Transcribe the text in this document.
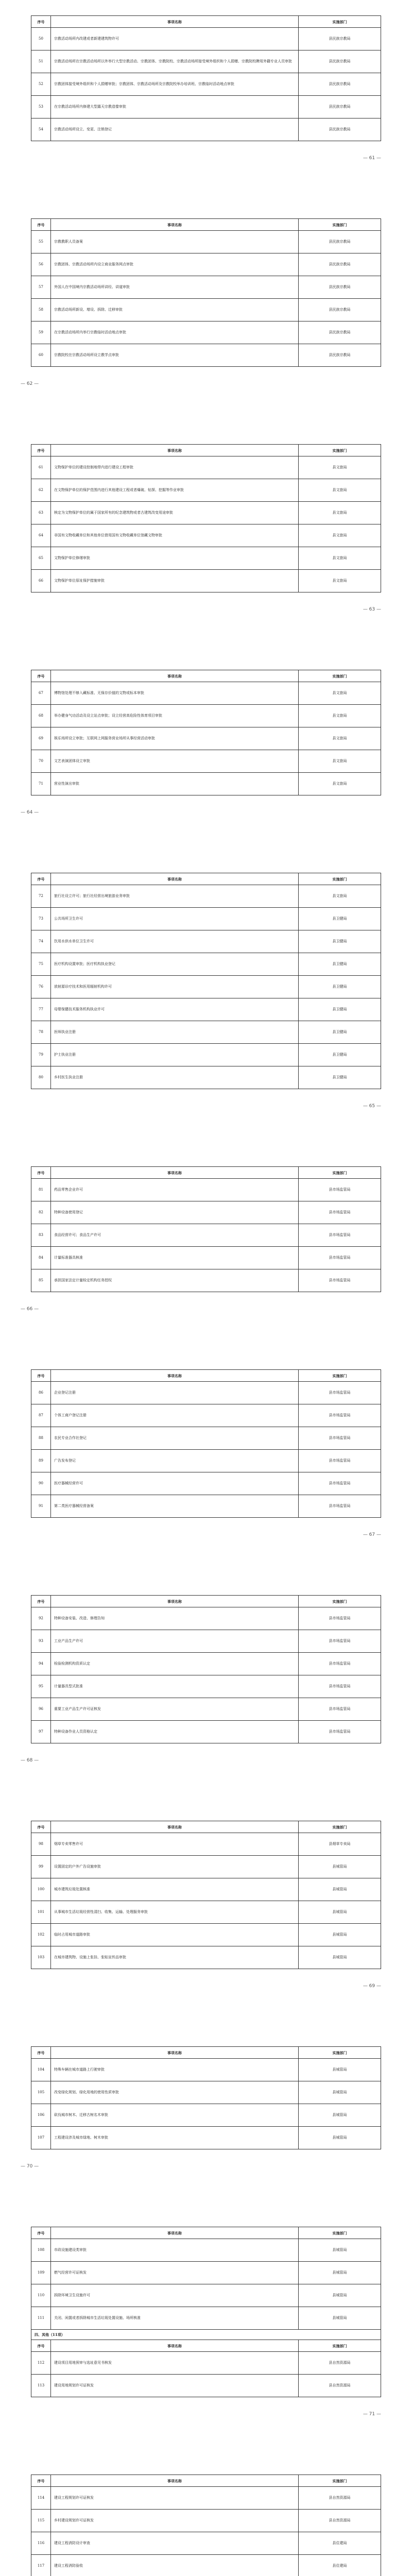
序号	事项名称	实施部门
50	宗教活动场所内改建或者新建建筑物许可	县民族宗教局
51	宗教活动场所在宗教活动场所以外举行大型宗教活动、宗教团体、宗教院校、宗教活动场所接受境外组织和个人捐赠、宗教院校聘用外籍专业人员审批	县民族宗教局
52	宗教团体接受境外组织和个人捐赠审批；宗教团体、宗教活动场所及宗教院校举办培训班、宗教临时活动地点审批	县民族宗教局
53	在宗教活动场所内修建大型露天宗教造像审批	县民族宗教局
54	宗教活动场所设立、变更、注销登记	县民族宗教局
— 61 —
序号	事项名称	实施部门
55	宗教教职人员备案	县民族宗教局
56	宗教团体、宗教活动场所内设立商业服务网点审批	县民族宗教局
57	外国人在中国境内宗教活动场所讲经、讲道审批	县民族宗教局
58	宗教活动场所新设、增设、拆除、迁移审批	县民族宗教局
59	在宗教活动场所内举行宗教临时活动地点审批	县民族宗教局
60	宗教院校在宗教活动场所设立教学点审批	县民族宗教局
— 62 —
序号	事项名称	实施部门
61	文物保护单位的建设控制地带内进行建设工程审批	县文旅局
62	在文物保护单位的保护范围内进行其他建设工程或者爆破、钻探、挖掘等作业审批	县文旅局
63	核定为文物保护单位的属于国家所有的纪念建筑物或者古建筑改变用途审批	县文旅局
64	非国有文物收藏单位和其他单位借用国有文物收藏单位馆藏文物审批	县文旅局
65	文物保护单位修缮审批	县文旅局
66	文物保护单位原址保护措施审批	县文旅局
— 63 —
序号	事项名称	实施部门
67	博物馆处理不够入藏标准、无保存价值的文物或标本审批	县文旅局
68	举办健身气功活动及设立站点审批；设立经营高危险性体育项目审批	县文旅局
69	娱乐场所设立审批；互联网上网服务营业场所从事经营活动审批	县文旅局
70	文艺表演团体设立审批	县文旅局
71	营业性演出审批	县文旅局
— 64 —
序号	事项名称	实施部门
72	旅行社设立许可；旅行社经营出境旅游业务审批	县文旅局
73	公共场所卫生许可	县卫健局
74	饮用水供水单位卫生许可	县卫健局
75	医疗机构设置审批；医疗机构执业登记	县卫健局
76	放射源诊疗技术和医用辐射机构许可	县卫健局
77	母婴保健技术服务机构执业许可	县卫健局
78	医师执业注册	县卫健局
79	护士执业注册	县卫健局
80	乡村医生执业注册	县卫健局
— 65 —
序号	事项名称	实施部门
81	药品零售企业许可	县市场监管局
82	特种设备使用登记	县市场监管局
83	食品经营许可；食品生产许可	县市场监管局
84	计量标准器具核准	县市场监管局
85	承担国家法定计量检定机构任务授权	县市场监管局
— 66 —
序号	事项名称	实施部门
86	企业登记注册	县市场监管局
87	个体工商户登记注册	县市场监管局
88	农民专业合作社登记	县市场监管局
89	广告发布登记	县市场监管局
90	医疗器械经营许可	县市场监管局
91	第二类医疗器械经营备案	县市场监管局
— 67 —
序号	事项名称	实施部门
92	特种设备安装、改造、修理告知	县市场监管局
93	工业产品生产许可	县市场监管局
94	检验检测机构资质认定	县市场监管局
95	计量器具型式批准	县市场监管局
96	重要工业产品生产许可证核发	县市场监管局
97	特种设备作业人员资格认定	县市场监管局
— 68 —
序号	事项名称	实施部门
98	烟草专卖零售许可	县烟草专卖局
99	设置固定的户外广告设施审批	县城管局
100	城市建筑垃圾处置核准	县城管局
101	从事城市生活垃圾经营性清扫、收集、运输、处理服务审批	县城管局
102	临时占用城市道路审批	县城管局
103	在城市建筑物、设施上张挂、张贴宣传品审批	县城管局
— 69 —
序号	事项名称	实施部门
104	特殊车辆在城市道路上行驶审批	县城管局
105	改变绿化规划、绿化用地的使用性质审批	县城管局
106	砍伐城市树木、迁移古树名木审批	县城管局
107	工程建设涉及城市绿地、树木审批	县城管局
— 70 —
序号	事项名称	实施部门
108	市政设施建设类审批	县城管局
109	燃气经营许可证核发	县城管局
110	拆除环境卫生设施许可	县城管局
111	关闭、闲置或者拆除城市生活垃圾处置设施、场所核准	县城管局
四、其他（11项）		
序号	事项名称	实施部门
112	建设项目用地预审与选址意见书核发	县自然资源局
113	建设用地规划许可证核发	县自然资源局
— 71 —
序号	事项名称	实施部门
114	建设工程规划许可证核发	县自然资源局
115	乡村建设规划许可证核发	县自然资源局
116	建设工程消防设计审查	县住建局
117	建设工程消防验收	县住建局
